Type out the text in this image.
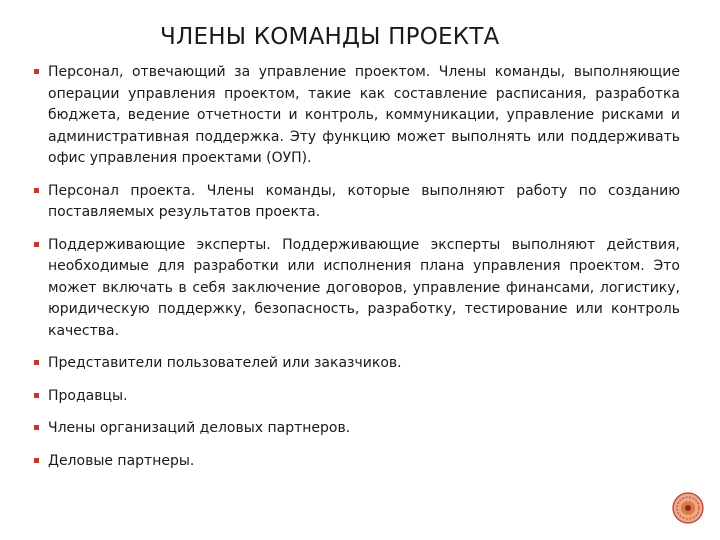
ЧЛЕНЫ КОМАНДЫ ПРОЕКТА
Персонал, отвечающий за управление проектом. Члены команды, выполняющие операции управления проектом, такие как составление расписания, разработка бюджета, ведение отчетности и контроль, коммуникации, управление рисками и административная поддержка. Эту функцию может выполнять или поддерживать офис управления проектами (ОУП).
Персонал проекта. Члены команды, которые выполняют работу по созданию поставляемых результатов проекта.
Поддерживающие эксперты. Поддерживающие эксперты выполняют действия, необходимые для разработки или исполнения плана управления проектом. Это может включать в себя заключение договоров, управление финансами, логистику, юридическую поддержку, безопасность, разработку, тестирование или контроль качества.
Представители пользователей или заказчиков.
Продавцы.
Члены организаций деловых партнеров.
Деловые партнеры.
